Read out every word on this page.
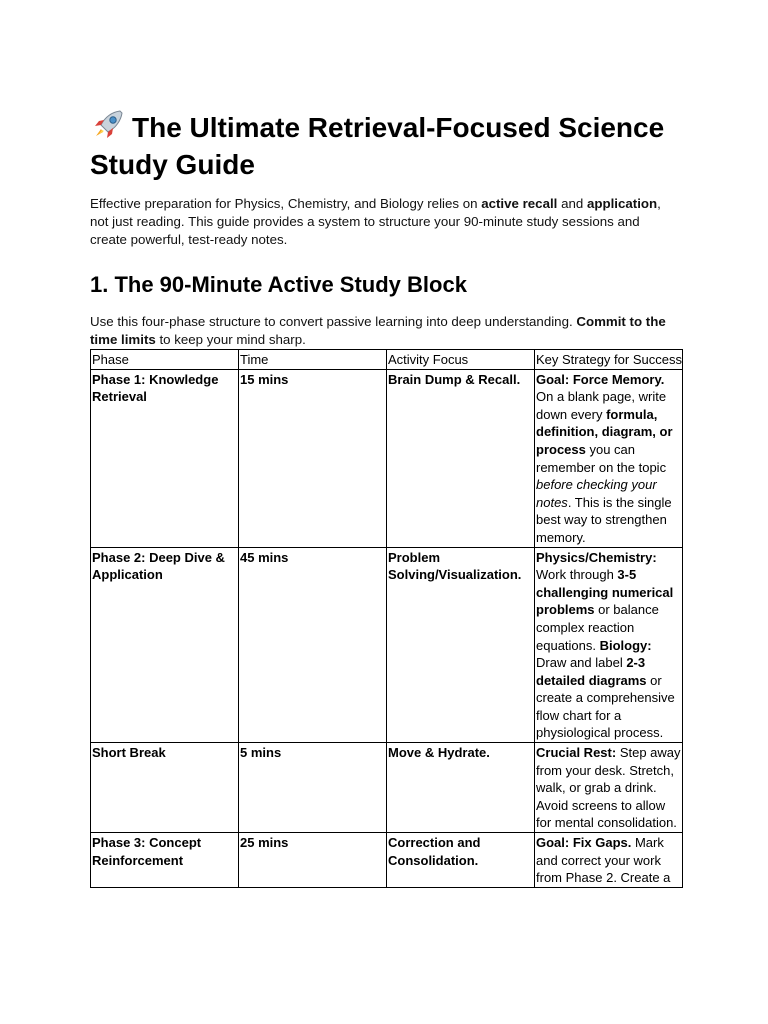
The Ultimate Retrieval-Focused Science Study Guide

Effective preparation for Physics, Chemistry, and Biology relies on active recall and application, not just reading. This guide provides a system to structure your 90-minute study sessions and create powerful, test-ready notes.

1. The 90-Minute Active Study Block

Use this four-phase structure to convert passive learning into deep understanding. Commit to the time limits to keep your mind sharp.

Phase	Time	Activity Focus	Key Strategy for Success
Phase 1: Knowledge Retrieval	15 mins	Brain Dump & Recall.	Goal: Force Memory. On a blank page, write down every formula, definition, diagram, or process you can remember on the topic before checking your notes. This is the single best way to strengthen memory.
Phase 2: Deep Dive & Application	45 mins	Problem Solving/Visualization.	Physics/Chemistry: Work through 3-5 challenging numerical problems or balance complex reaction equations. Biology: Draw and label 2-3 detailed diagrams or create a comprehensive flow chart for a physiological process.
Short Break	5 mins	Move & Hydrate.	Crucial Rest: Step away from your desk. Stretch, walk, or grab a drink. Avoid screens to allow for mental consolidation.
Phase 3: Concept Reinforcement	25 mins	Correction and Consolidation.	Goal: Fix Gaps. Mark and correct your work from Phase 2. Create a
